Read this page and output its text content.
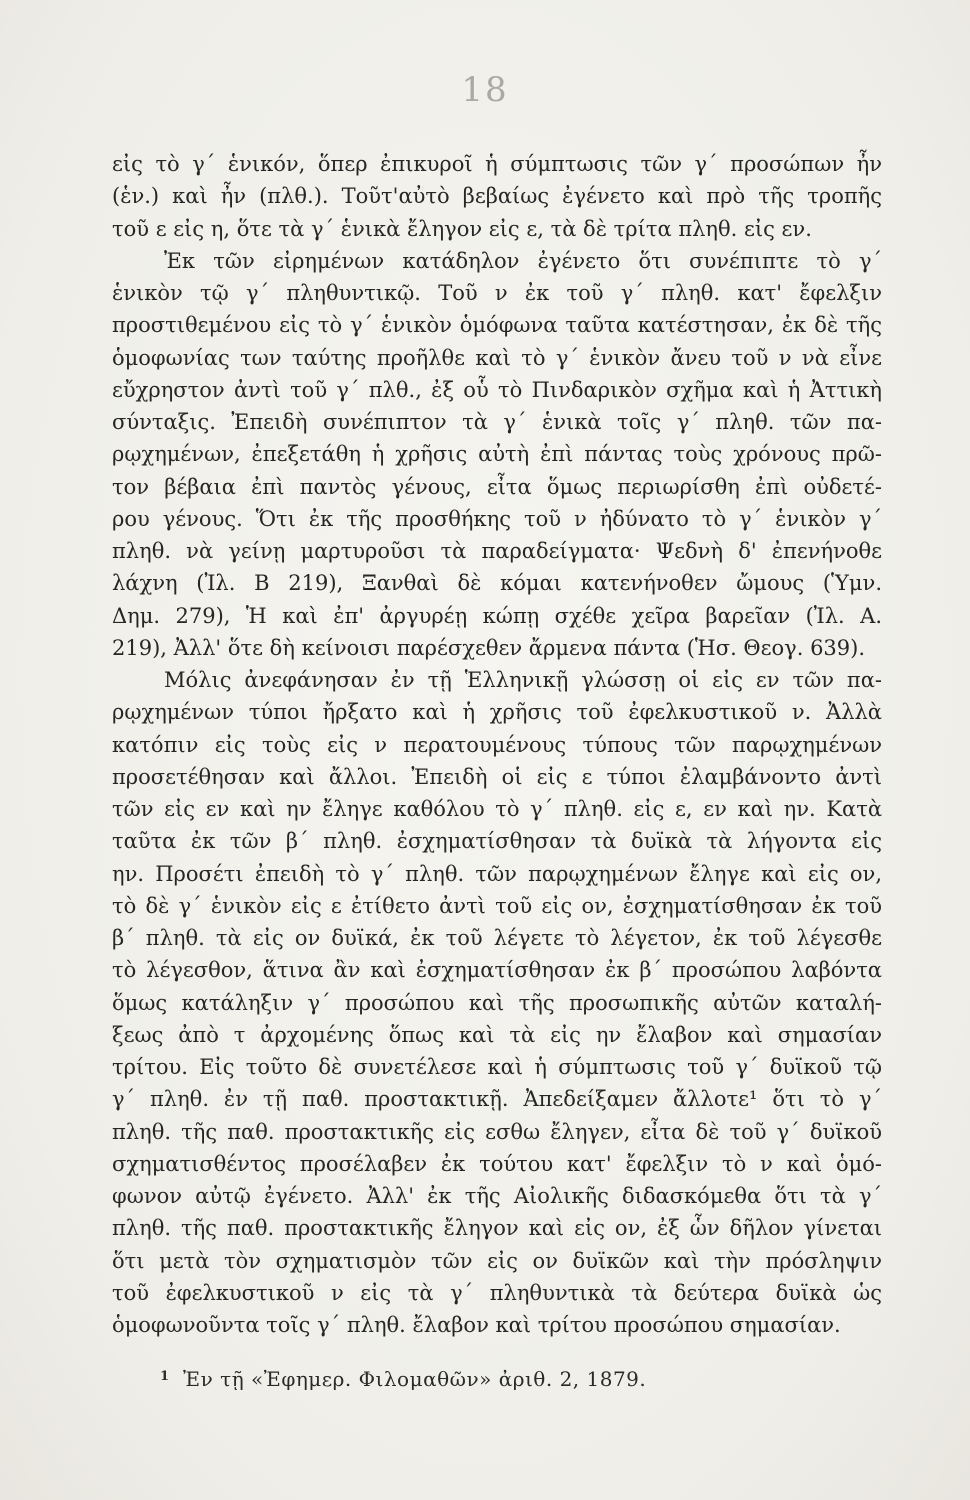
18
εἰς τὸ γ΄ ἑνικόν, ὅπερ ἐπικυροῖ ἡ σύμπτωσις τῶν γ΄ προσώπων ἦν
(ἑν.) καὶ ἦν (πλθ.). Τοῦτ'αὐτὸ βεβαίως ἐγένετο καὶ πρὸ τῆς τροπῆς
τοῦ ε εἰς η, ὅτε τὰ γ΄ ἑνικὰ ἔληγον εἰς ε, τὰ δὲ τρίτα πληθ. εἰς εν.
Ἐκ τῶν εἰρημένων κατάδηλον ἐγένετο ὅτι συνέπιπτε τὸ γ΄
ἑνικὸν τῷ γ΄ πληθυντικῷ. Τοῦ ν ἐκ τοῦ γ΄ πληθ. κατ' ἔφελξιν
προστιθεμένου εἰς τὸ γ΄ ἑνικὸν ὁμόφωνα ταῦτα κατέστησαν, ἐκ δὲ τῆς
ὁμοφωνίας των ταύτης προῆλθε καὶ τὸ γ΄ ἑνικὸν ἄνευ τοῦ ν νὰ εἶνε
εὔχρηστον ἀντὶ τοῦ γ΄ πλθ., ἐξ οὗ τὸ Πινδαρικὸν σχῆμα καὶ ἡ Ἀττικὴ
σύνταξις. Ἐπειδὴ συνέπιπτον τὰ γ΄ ἑνικὰ τοῖς γ΄ πληθ. τῶν πα-
ρῳχημένων, ἐπεξετάθη ἡ χρῆσις αὐτὴ ἐπὶ πάντας τοὺς χρόνους πρῶ-
τον βέβαια ἐπὶ παντὸς γένους, εἶτα ὅμως περιωρίσθη ἐπὶ οὐδετέ-
ρου γένους. Ὅτι ἐκ τῆς προσθήκης τοῦ ν ἠδύνατο τὸ γ΄ ἑνικὸν γ΄
πληθ. νὰ γείνῃ μαρτυροῦσι τὰ παραδείγματα· Ψεδνὴ δ' ἐπενήνοθε
λάχνη (Ἰλ. Β 219), Ξανθαὶ δὲ κόμαι κατενήνοθεν ὤμους (Ὑμν.
Δημ. 279), Ἡ καὶ ἐπ' ἀργυρέῃ κώπῃ σχέθε χεῖρα βαρεῖαν (Ἰλ. Α.
219), Ἀλλ' ὅτε δὴ κείνοισι παρέσχεθεν ἄρμενα πάντα (Ἡσ. Θεογ. 639).
Μόλις ἀνεφάνησαν ἐν τῇ Ἑλληνικῇ γλώσσῃ οἱ εἰς εν τῶν πα-
ρῳχημένων τύποι ἤρξατο καὶ ἡ χρῆσις τοῦ ἐφελκυστικοῦ ν. Ἀλλὰ
κατόπιν εἰς τοὺς εἰς ν περατουμένους τύπους τῶν παρῳχημένων
προσετέθησαν καὶ ἄλλοι. Ἐπειδὴ οἱ εἰς ε τύποι ἐλαμβάνοντο ἀντὶ
τῶν εἰς εν καὶ ην ἔληγε καθόλου τὸ γ΄ πληθ. εἰς ε, εν καὶ ην. Κατὰ
ταῦτα ἐκ τῶν β΄ πληθ. ἐσχηματίσθησαν τὰ δυϊκὰ τὰ λήγοντα εἰς
ην. Προσέτι ἐπειδὴ τὸ γ΄ πληθ. τῶν παρῳχημένων ἔληγε καὶ εἰς ον,
τὸ δὲ γ΄ ἑνικὸν εἰς ε ἐτίθετο ἀντὶ τοῦ εἰς ον, ἐσχηματίσθησαν ἐκ τοῦ
β΄ πληθ. τὰ εἰς ον δυϊκά, ἐκ τοῦ λέγετε τὸ λέγετον, ἐκ τοῦ λέγεσθε
τὸ λέγεσθον, ἅτινα ἂν καὶ ἐσχηματίσθησαν ἐκ β΄ προσώπου λαβόντα
ὅμως κατάληξιν γ΄ προσώπου καὶ τῆς προσωπικῆς αὐτῶν καταλή-
ξεως ἀπὸ τ ἀρχομένης ὅπως καὶ τὰ εἰς ην ἔλαβον καὶ σημασίαν
τρίτου. Εἰς τοῦτο δὲ συνετέλεσε καὶ ἡ σύμπτωσις τοῦ γ΄ δυϊκοῦ τῷ
γ΄ πληθ. ἐν τῇ παθ. προστακτικῇ. Ἀπεδείξαμεν ἄλλοτε¹ ὅτι τὸ γ΄
πληθ. τῆς παθ. προστακτικῆς εἰς εσθω ἔληγεν, εἶτα δὲ τοῦ γ΄ δυϊκοῦ
σχηματισθέντος προσέλαβεν ἐκ τούτου κατ' ἔφελξιν τὸ ν καὶ ὁμό-
φωνον αὐτῷ ἐγένετο. Ἀλλ' ἐκ τῆς Αἰολικῆς διδασκόμεθα ὅτι τὰ γ΄
πληθ. τῆς παθ. προστακτικῆς ἔληγον καὶ εἰς ον, ἐξ ὧν δῆλον γίνεται
ὅτι μετὰ τὸν σχηματισμὸν τῶν εἰς ον δυϊκῶν καὶ τὴν πρόσληψιν
τοῦ ἐφελκυστικοῦ ν εἰς τὰ γ΄ πληθυντικὰ τὰ δεύτερα δυϊκὰ ὡς
ὁμοφωνοῦντα τοῖς γ΄ πληθ. ἔλαβον καὶ τρίτου προσώπου σημασίαν.
$^1$ Ἐν τῇ «Ἐφημερ. Φιλομαθῶν» ἀριθ. 2, 1879.
